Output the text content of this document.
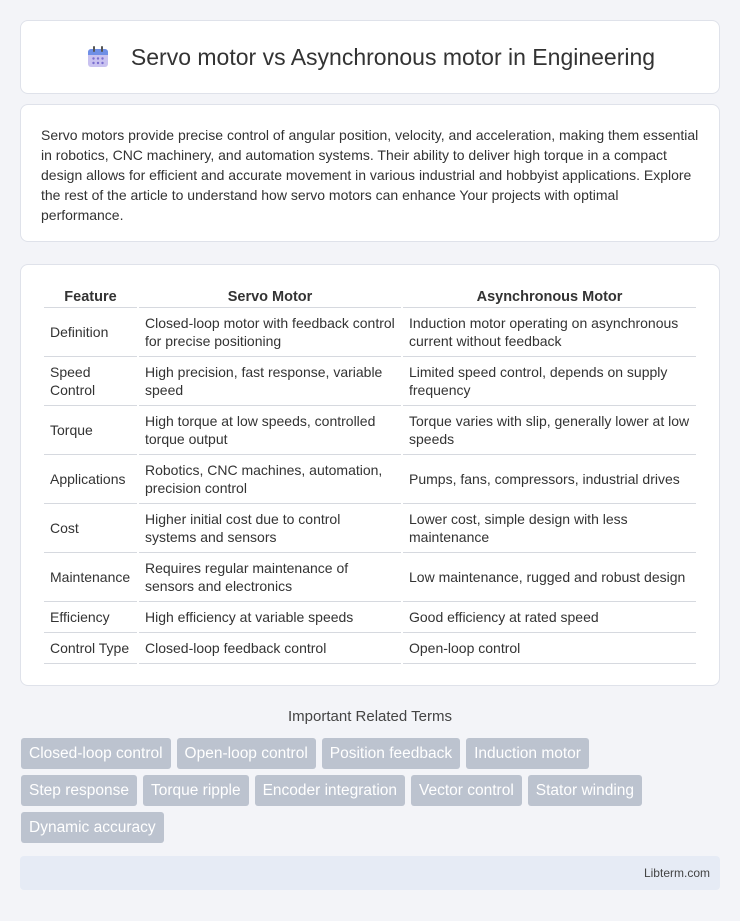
Servo motor vs Asynchronous motor in Engineering

Servo motors provide precise control of angular position, velocity, and acceleration, making them essential in robotics, CNC machinery, and automation systems. Their ability to deliver high torque in a compact design allows for efficient and accurate movement in various industrial and hobbyist applications. Explore the rest of the article to understand how servo motors can enhance Your projects with optimal performance.

Feature	Servo Motor	Asynchronous Motor
Definition	Closed-loop motor with feedback control for precise positioning	Induction motor operating on asynchronous current without feedback
Speed Control	High precision, fast response, variable speed	Limited speed control, depends on supply frequency
Torque	High torque at low speeds, controlled torque output	Torque varies with slip, generally lower at low speeds
Applications	Robotics, CNC machines, automation, precision control	Pumps, fans, compressors, industrial drives
Cost	Higher initial cost due to control systems and sensors	Lower cost, simple design with less maintenance
Maintenance	Requires regular maintenance of sensors and electronics	Low maintenance, rugged and robust design
Efficiency	High efficiency at variable speeds	Good efficiency at rated speed
Control Type	Closed-loop feedback control	Open-loop control
Important Related Terms
Closed-loop control	Open-loop control	Position feedback	Induction motor
Step response	Torque ripple	Encoder integration	Vector control	Stator winding
Dynamic accuracy
Libterm.com
